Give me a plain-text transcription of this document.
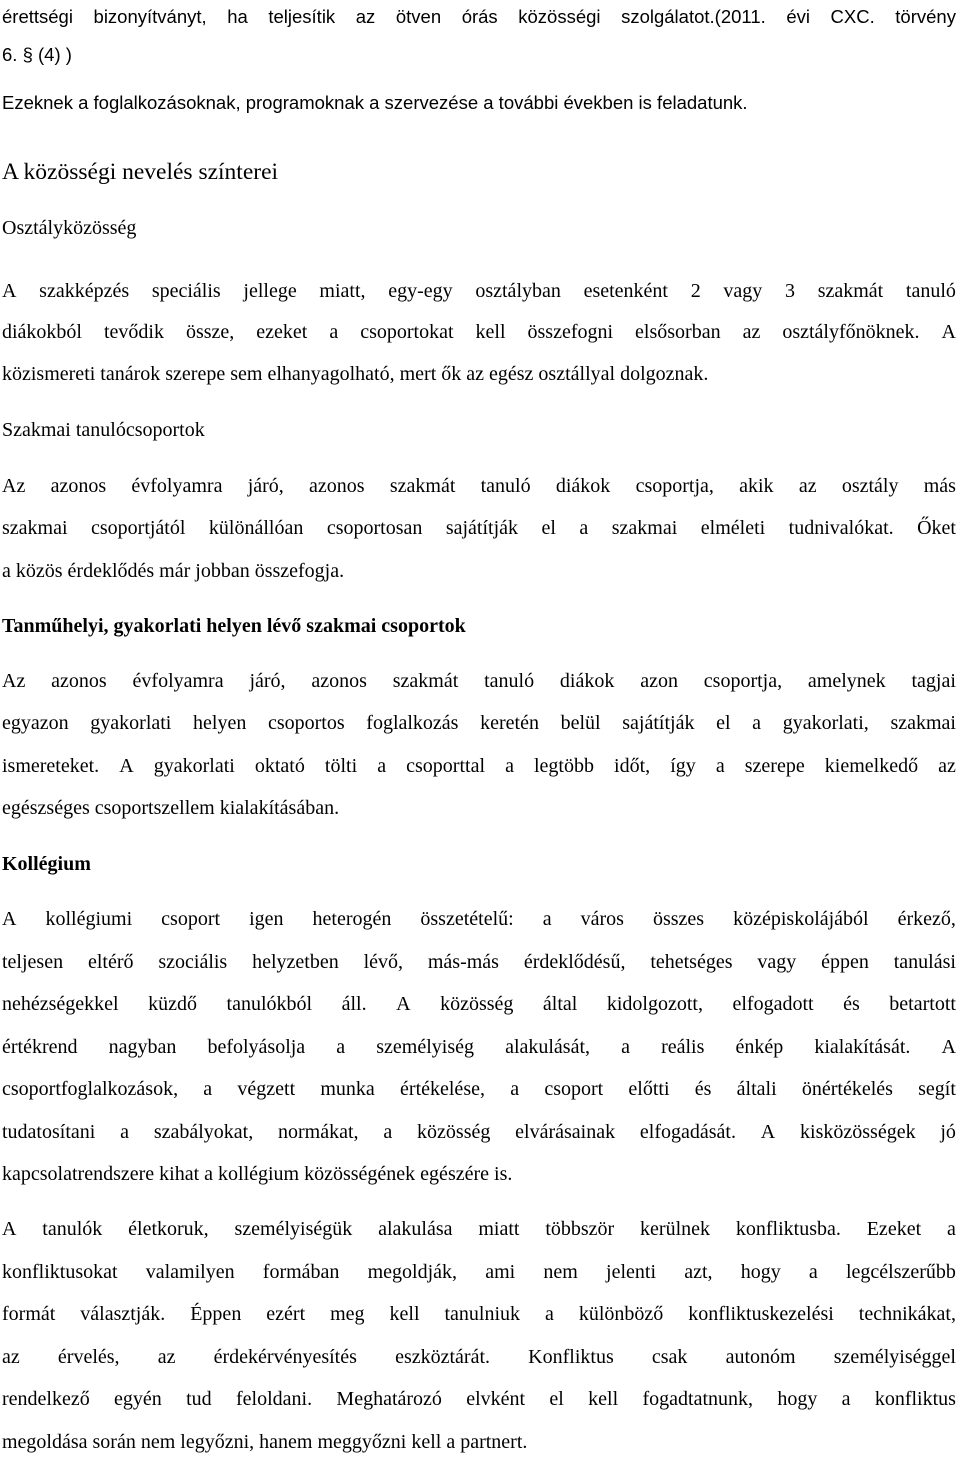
érettségi bizonyítványt, ha teljesítik az ötven órás közösségi szolgálatot.(2011. évi CXC. törvény
6. § (4) )
Ezeknek a foglalkozásoknak, programoknak a szervezése a további években is feladatunk.
A közösségi nevelés színterei
Osztályközösség
A szakképzés speciális jellege miatt, egy-egy osztályban esetenként 2 vagy 3 szakmát tanuló
diákokból tevődik össze, ezeket a csoportokat kell összefogni elsősorban az osztályfőnöknek. A
közismereti tanárok szerepe sem elhanyagolható, mert ők az egész osztállyal dolgoznak.
Szakmai tanulócsoportok
Az azonos évfolyamra járó, azonos szakmát tanuló diákok csoportja, akik az osztály más
szakmai csoportjától különállóan csoportosan sajátítják el a szakmai elméleti tudnivalókat. Őket
a közös érdeklődés már jobban összefogja.
Tanműhelyi, gyakorlati helyen lévő szakmai csoportok
Az azonos évfolyamra járó, azonos szakmát tanuló diákok azon csoportja, amelynek tagjai
egyazon gyakorlati helyen csoportos foglalkozás keretén belül sajátítják el a gyakorlati, szakmai
ismereteket. A gyakorlati oktató tölti a csoporttal a legtöbb időt, így a szerepe kiemelkedő az
egészséges csoportszellem kialakításában.
Kollégium
A kollégiumi csoport igen heterogén összetételű: a város összes középiskolájából érkező,
teljesen eltérő szociális helyzetben lévő, más-más érdeklődésű, tehetséges vagy éppen tanulási
nehézségekkel küzdő tanulókból áll. A közösség által kidolgozott, elfogadott és betartott
értékrend nagyban befolyásolja a személyiség alakulását, a reális énkép kialakítását. A
csoportfoglalkozások, a végzett munka értékelése, a csoport előtti és általi önértékelés segít
tudatosítani a szabályokat, normákat, a közösség elvárásainak elfogadását. A kisközösségek jó
kapcsolatrendszere kihat a kollégium közösségének egészére is.
A tanulók életkoruk, személyiségük alakulása miatt többször kerülnek konfliktusba. Ezeket a
konfliktusokat valamilyen formában megoldják, ami nem jelenti azt, hogy a legcélszerűbb
formát választják. Éppen ezért meg kell tanulniuk a különböző konfliktuskezelési technikákat,
az érvelés, az érdekérvényesítés eszköztárát. Konfliktus csak autonóm személyiséggel
rendelkező egyén tud feloldani. Meghatározó elvként el kell fogadtatnunk, hogy a konfliktus
megoldása során nem legyőzni, hanem meggyőzni kell a partnert.
